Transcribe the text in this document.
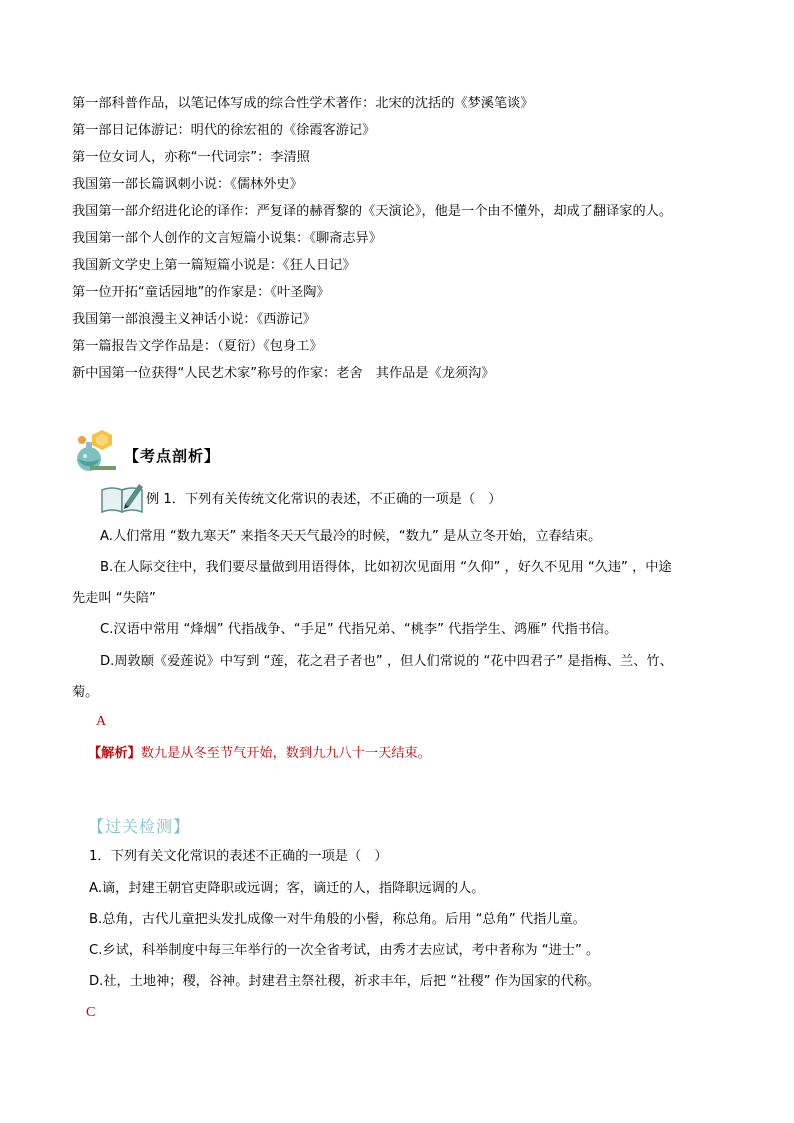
第一部科普作品，以笔记体写成的综合性学术著作：北宋的沈括的《梦溪笔谈》
第一部日记体游记：明代的徐宏祖的《徐霞客游记》
第一位女词人，亦称“一代词宗”：李清照
我国第一部长篇讽刺小说：《儒林外史》
我国第一部介绍进化论的译作：严复译的赫胥黎的《天演论》，他是一个由不懂外，却成了翻译家的人。
我国第一部个人创作的文言短篇小说集：《聊斋志异》
我国新文学史上第一篇短篇小说是：《狂人日记》
第一位开拓“童话园地”的作家是：《叶圣陶》
我国第一部浪漫主义神话小说：《西游记》
第一篇报告文学作品是：（夏衍）《包身工》
新中国第一位获得“人民艺术家”称号的作家：老舍　其作品是《龙须沟》
【考点剖析】
例 1．下列有关传统文化常识的表述，不正确的一项是（　）
A.人们常用 “数九寒天” 来指冬天天气最冷的时候，“数九” 是从立冬开始，立春结束。
B.在人际交往中，我们要尽量做到用语得体，比如初次见面用 “久仰” ，好久不见用 “久违” ，中途
先走叫 “失陪”
C.汉语中常用 “烽烟” 代指战争、“手足” 代指兄弟、“桃李” 代指学生、鸿雁” 代指书信。
D.周敦颐《爱莲说》中写到 “莲，花之君子者也” ，但人们常说的 “花中四君子” 是指梅、兰、竹、
菊。
A
【解析】数九是从冬至节气开始，数到九九八十一天结束。
【过关检测】
1．下列有关文化常识的表述不正确的一项是（　）
A.谪，封建王朝官吏降职或远调；客，谪迁的人，指降职远调的人。
B.总角，古代儿童把头发扎成像一对牛角般的小髻，称总角。后用 “总角” 代指儿童。
C.乡试，科举制度中每三年举行的一次全省考试，由秀才去应试，考中者称为 “进士” 。
D.社，土地神；稷，谷神。封建君主祭社稷，祈求丰年，后把 “社稷” 作为国家的代称。
C
